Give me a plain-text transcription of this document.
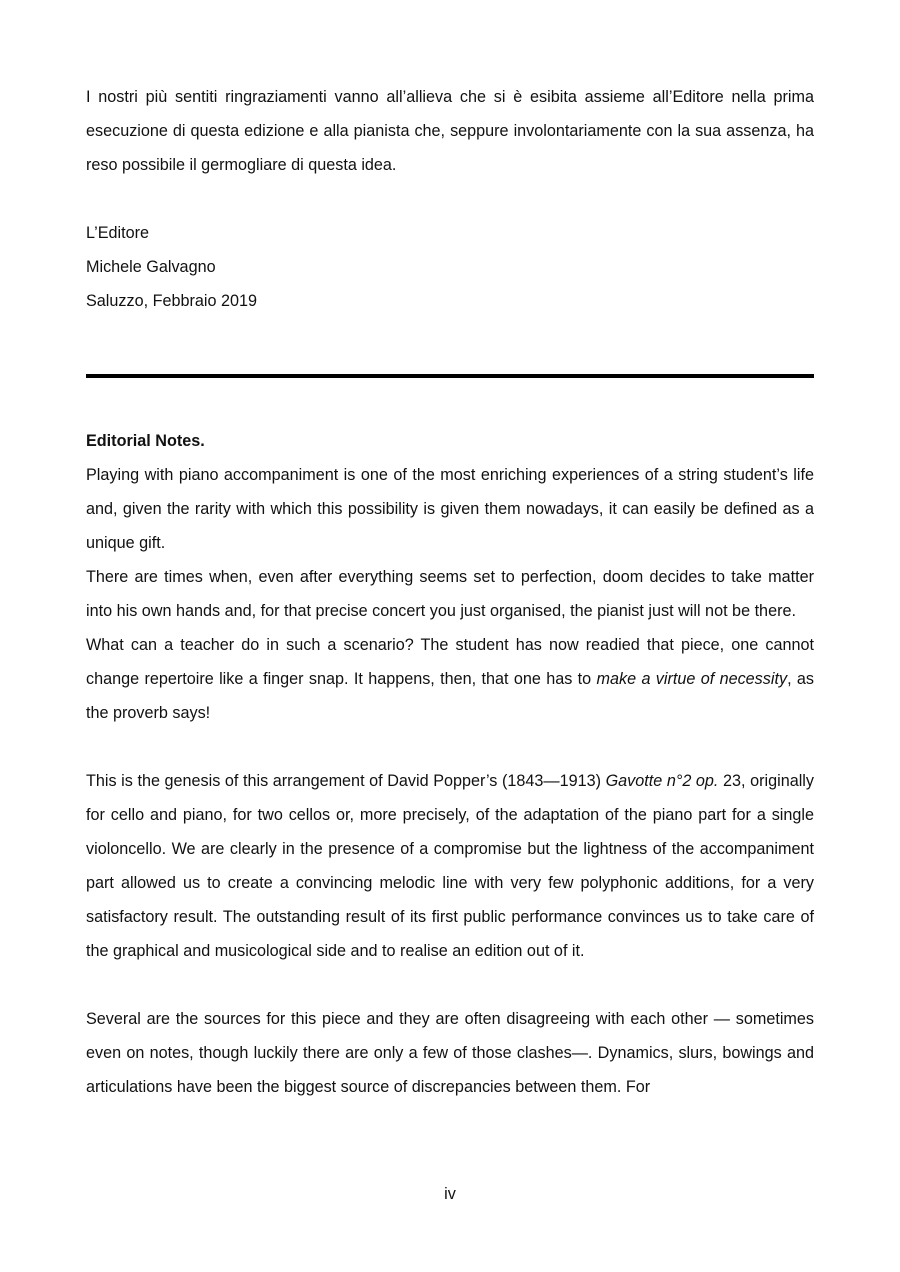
I nostri più sentiti ringraziamenti vanno all’allieva che si è esibita assieme all’Editore nella prima esecuzione di questa edizione e alla pianista che, seppure involontariamente con la sua assenza, ha reso possibile il germogliare di questa idea.

L’Editore
Michele Galvagno
Saluzzo, Febbraio 2019

Editorial Notes.

Playing with piano accompaniment is one of the most enriching experiences of a string student’s life and, given the rarity with which this possibility is given them nowadays, it can easily be defined as a unique gift.

There are times when, even after everything seems set to perfection, doom decides to take matter into his own hands and, for that precise concert you just organised, the pianist just will not be there.

What can a teacher do in such a scenario? The student has now readied that piece, one cannot change repertoire like a finger snap. It happens, then, that one has to make a virtue of necessity, as the proverb says!

This is the genesis of this arrangement of David Popper’s (1843—1913) Gavotte n°2 op. 23, originally for cello and piano, for two cellos or, more precisely, of the adaptation of the piano part for a single violoncello. We are clearly in the presence of a compromise but the lightness of the accompaniment part allowed us to create a convincing melodic line with very few polyphonic additions, for a very satisfactory result. The outstanding result of its first public performance convinces us to take care of the graphical and musicological side and to realise an edition out of it.

Several are the sources for this piece and they are often disagreeing with each other — sometimes even on notes, though luckily there are only a few of those clashes—. Dynamics, slurs, bowings and articulations have been the biggest source of discrepancies between them. For

iv
